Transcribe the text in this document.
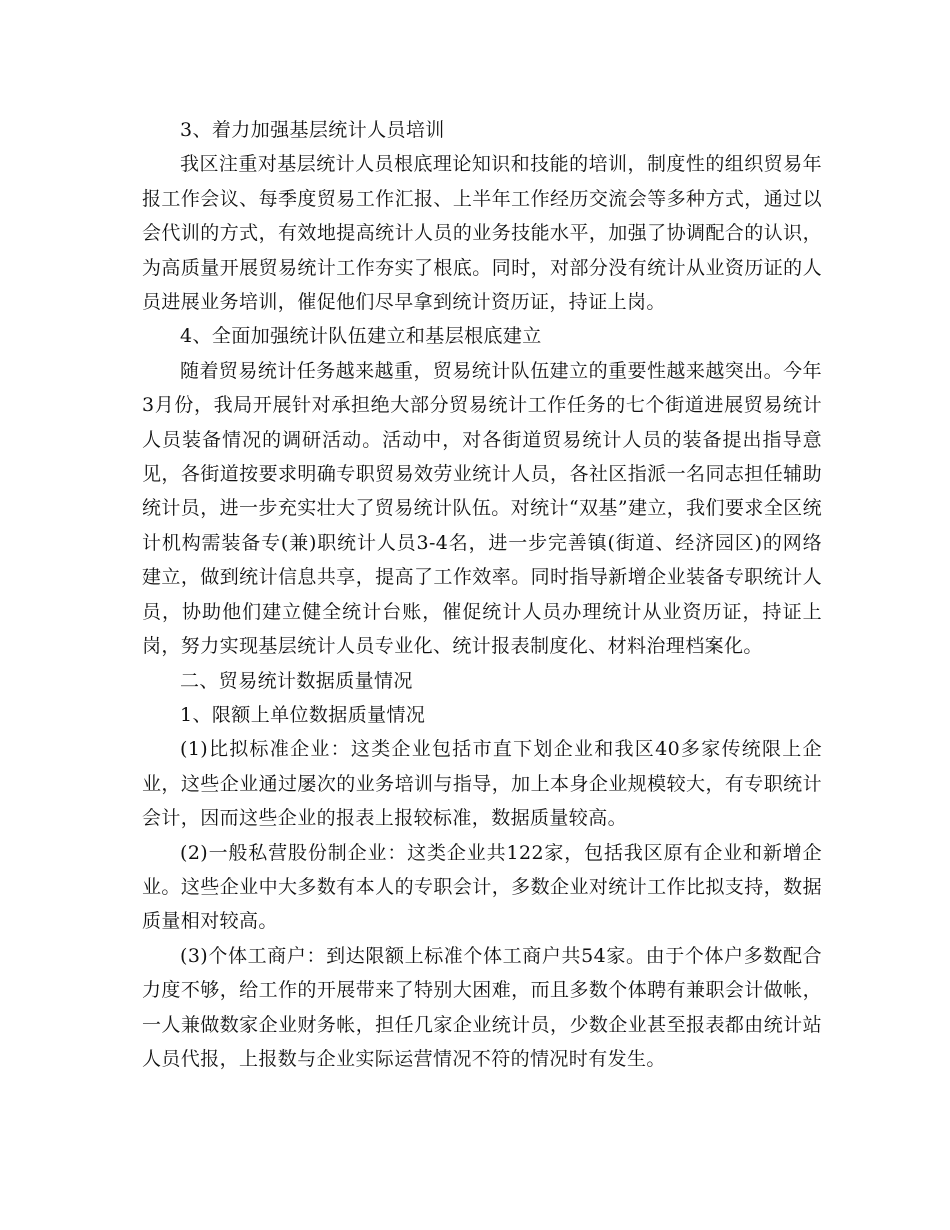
3、着力加强基层统计人员培训

我区注重对基层统计人员根底理论知识和技能的培训，制度性的组织贸易年报工作会议、每季度贸易工作汇报、上半年工作经历交流会等多种方式，通过以会代训的方式，有效地提高统计人员的业务技能水平，加强了协调配合的认识，为高质量开展贸易统计工作夯实了根底。同时，对部分没有统计从业资历证的人员进展业务培训，催促他们尽早拿到统计资历证，持证上岗。

4、全面加强统计队伍建立和基层根底建立

随着贸易统计任务越来越重，贸易统计队伍建立的重要性越来越突出。今年3月份，我局开展针对承担绝大部分贸易统计工作任务的七个街道进展贸易统计人员装备情况的调研活动。活动中，对各街道贸易统计人员的装备提出指导意见，各街道按要求明确专职贸易效劳业统计人员，各社区指派一名同志担任辅助统计员，进一步充实壮大了贸易统计队伍。对统计“双基”建立，我们要求全区统计机构需装备专(兼)职统计人员3-4名，进一步完善镇(街道、经济园区)的网络建立，做到统计信息共享，提高了工作效率。同时指导新增企业装备专职统计人员，协助他们建立健全统计台账，催促统计人员办理统计从业资历证，持证上岗，努力实现基层统计人员专业化、统计报表制度化、材料治理档案化。

二、贸易统计数据质量情况

1、限额上单位数据质量情况

(1)比拟标准企业：这类企业包括市直下划企业和我区40多家传统限上企业，这些企业通过屡次的业务培训与指导，加上本身企业规模较大，有专职统计会计，因而这些企业的报表上报较标准，数据质量较高。

(2)一般私营股份制企业：这类企业共122家，包括我区原有企业和新增企业。这些企业中大多数有本人的专职会计，多数企业对统计工作比拟支持，数据质量相对较高。

(3)个体工商户：到达限额上标准个体工商户共54家。由于个体户多数配合力度不够，给工作的开展带来了特别大困难，而且多数个体聘有兼职会计做帐，一人兼做数家企业财务帐，担任几家企业统计员，少数企业甚至报表都由统计站人员代报，上报数与企业实际运营情况不符的情况时有发生。
